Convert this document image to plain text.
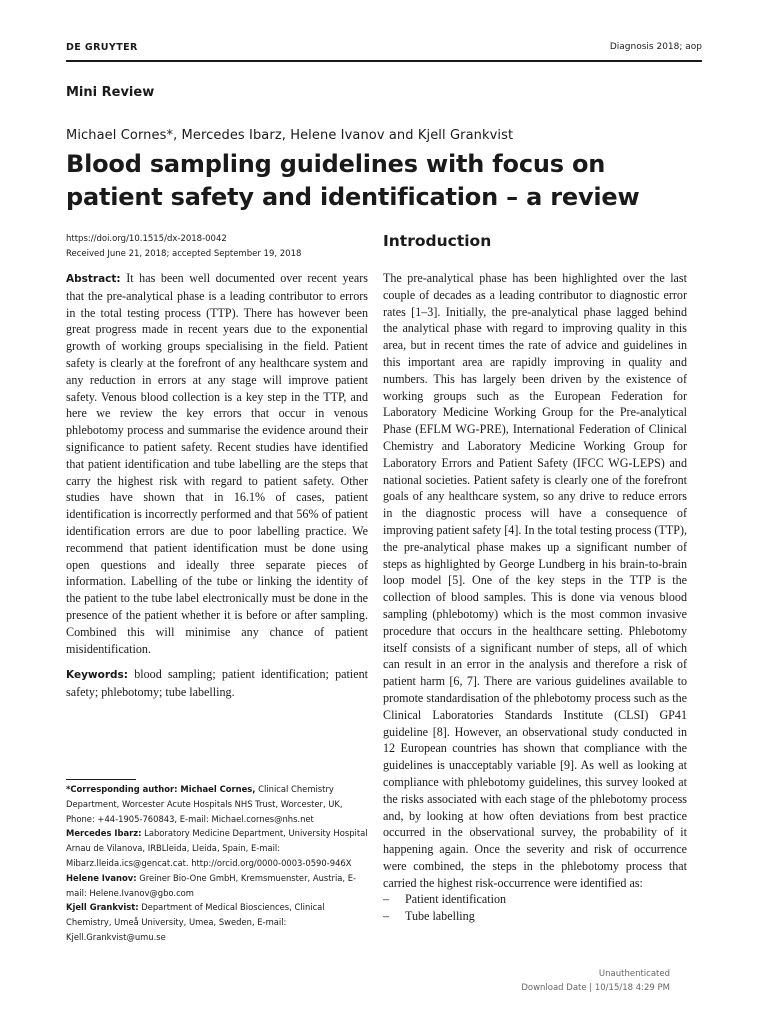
DE GRUYTER	Diagnosis 2018; aop
Mini Review
Michael Cornes*, Mercedes Ibarz, Helene Ivanov and Kjell Grankvist
Blood sampling guidelines with focus on patient safety and identification – a review
https://doi.org/10.1515/dx-2018-0042
Received June 21, 2018; accepted September 19, 2018

Abstract: It has been well documented over recent years that the pre-analytical phase is a leading contributor to errors in the total testing process (TTP). There has however been great progress made in recent years due to the exponential growth of working groups specialising in the field. Patient safety is clearly at the forefront of any healthcare system and any reduction in errors at any stage will improve patient safety. Venous blood collection is a key step in the TTP, and here we review the key errors that occur in venous phlebotomy process and summarise the evidence around their significance to patient safety. Recent studies have identified that patient identification and tube labelling are the steps that carry the highest risk with regard to patient safety. Other studies have shown that in 16.1% of cases, patient identification is incorrectly performed and that 56% of patient identification errors are due to poor labelling practice. We recommend that patient identification must be done using open questions and ideally three separate pieces of information. Labelling of the tube or linking the identity of the patient to the tube label electronically must be done in the presence of the patient whether it is before or after sampling. Combined this will minimise any chance of patient misidentification.

Keywords: blood sampling; patient identification; patient safety; phlebotomy; tube labelling.

*Corresponding author: Michael Cornes, Clinical Chemistry Department, Worcester Acute Hospitals NHS Trust, Worcester, UK, Phone: +44-1905-760843, E-mail: Michael.cornes@nhs.net

Mercedes Ibarz: Laboratory Medicine Department, University Hospital Arnau de Vilanova, IRBLleida, Lleida, Spain, E-mail: Mibarz.lleida.ics@gencat.cat. http://orcid.org/0000-0003-0590-946X

Helene Ivanov: Greiner Bio-One GmbH, Kremsmuenster, Austria, E-mail: Helene.Ivanov@gbo.com

Kjell Grankvist: Department of Medical Biosciences, Clinical Chemistry, Umeå University, Umea, Sweden, E-mail: Kjell.Grankvist@umu.se

Introduction

The pre-analytical phase has been highlighted over the last couple of decades as a leading contributor to diagnostic error rates [1–3]. Initially, the pre-analytical phase lagged behind the analytical phase with regard to improving quality in this area, but in recent times the rate of advice and guidelines in this important area are rapidly improving in quality and numbers. This has largely been driven by the existence of working groups such as the European Federation for Laboratory Medicine Working Group for the Pre-analytical Phase (EFLM WG-PRE), International Federation of Clinical Chemistry and Laboratory Medicine Working Group for Laboratory Errors and Patient Safety (IFCC WG-LEPS) and national societies. Patient safety is clearly one of the forefront goals of any healthcare system, so any drive to reduce errors in the diagnostic process will have a consequence of improving patient safety [4]. In the total testing process (TTP), the pre-analytical phase makes up a significant number of steps as highlighted by George Lundberg in his brain-to-brain loop model [5]. One of the key steps in the TTP is the collection of blood samples. This is done via venous blood sampling (phlebotomy) which is the most common invasive procedure that occurs in the healthcare setting. Phlebotomy itself consists of a significant number of steps, all of which can result in an error in the analysis and therefore a risk of patient harm [6, 7]. There are various guidelines available to promote standardisation of the phlebotomy process such as the Clinical Laboratories Standards Institute (CLSI) GP41 guideline [8]. However, an observational study conducted in 12 European countries has shown that compliance with the guidelines is unacceptably variable [9]. As well as looking at compliance with phlebotomy guidelines, this survey looked at the risks associated with each stage of the phlebotomy process and, by looking at how often deviations from best practice occurred in the observational survey, the probability of it happening again. Once the severity and risk of occurrence were combined, the steps in the phlebotomy process that carried the highest risk-occurrence were identified as:

–	Patient identification
–	Tube labelling
Unauthenticated
Download Date | 10/15/18 4:29 PM
